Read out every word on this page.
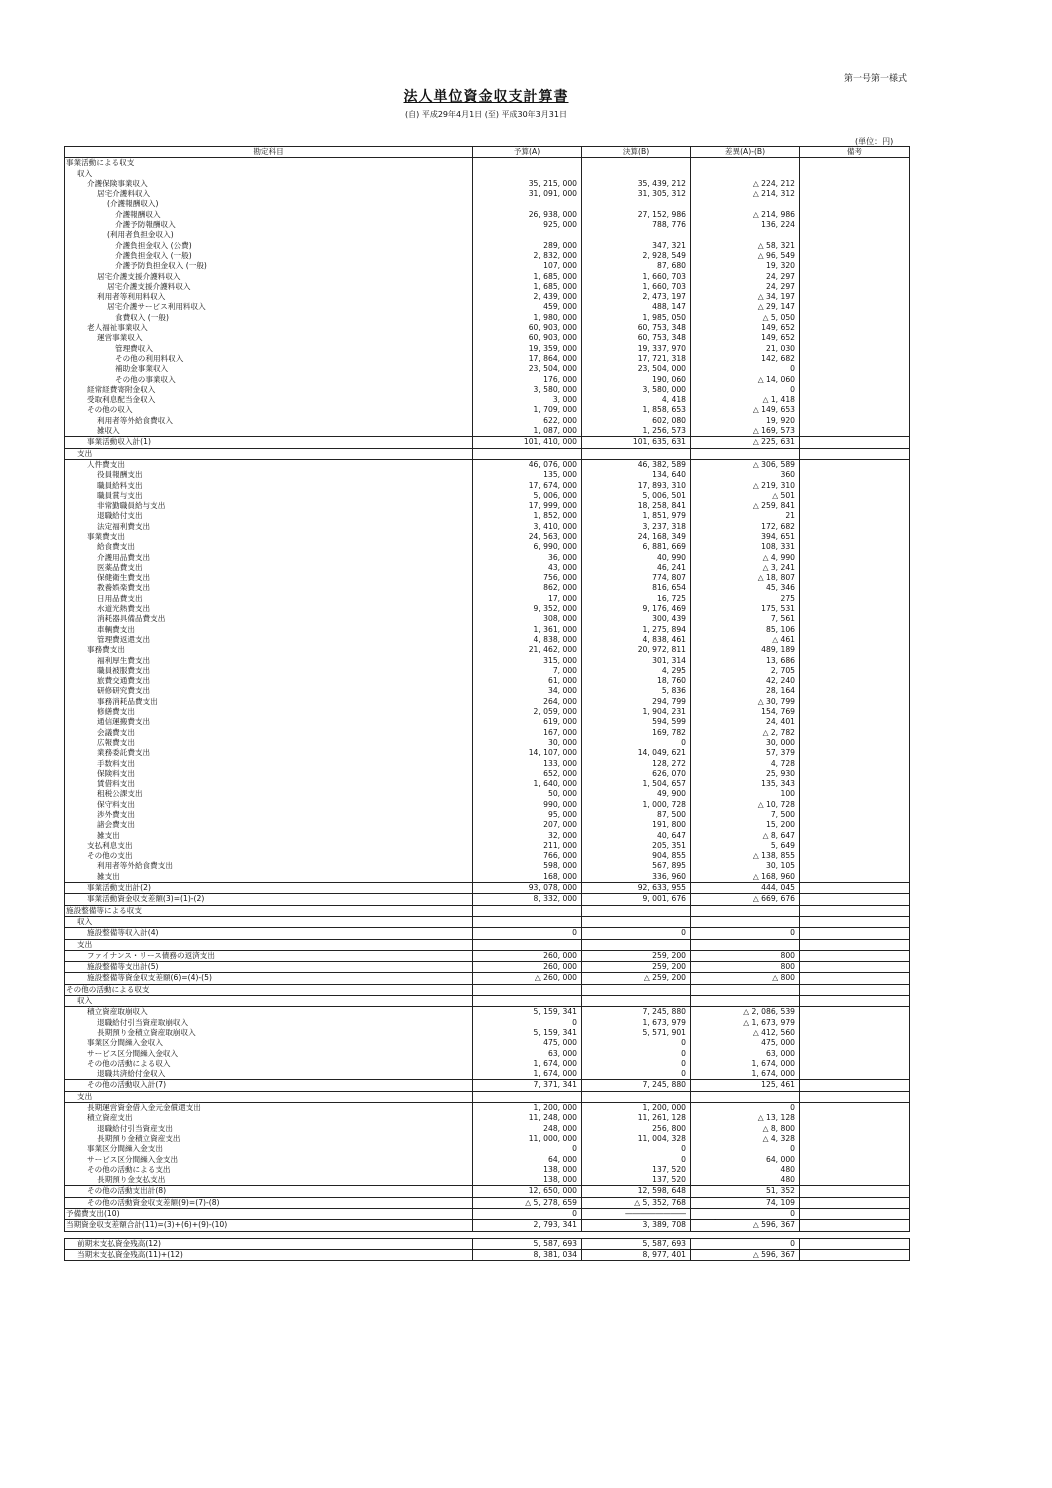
第一号第一様式
法人単位資金収支計算書
(自) 平成29年4月1日 (至) 平成30年3月31日
(単位：円)
勘定科目	予算(A)	決算(B)	差異(A)-(B)	備考
事業活動による収支				
収入				
介護保険事業収入	35, 215, 000	35, 439, 212	△ 224, 212	
居宅介護料収入	31, 091, 000	31, 305, 312	△ 214, 312	
(介護報酬収入)				
介護報酬収入	26, 938, 000	27, 152, 986	△ 214, 986	
介護予防報酬収入	925, 000	788, 776	136, 224	
(利用者負担金収入)				
介護負担金収入 (公費)	289, 000	347, 321	△ 58, 321	
介護負担金収入 (一般)	2, 832, 000	2, 928, 549	△ 96, 549	
介護予防負担金収入 (一般)	107, 000	87, 680	19, 320	
居宅介護支援介護料収入	1, 685, 000	1, 660, 703	24, 297	
居宅介護支援介護料収入	1, 685, 000	1, 660, 703	24, 297	
利用者等利用料収入	2, 439, 000	2, 473, 197	△ 34, 197	
居宅介護サービス利用料収入	459, 000	488, 147	△ 29, 147	
食費収入 (一般)	1, 980, 000	1, 985, 050	△ 5, 050	
老人福祉事業収入	60, 903, 000	60, 753, 348	149, 652	
運営事業収入	60, 903, 000	60, 753, 348	149, 652	
管理費収入	19, 359, 000	19, 337, 970	21, 030	
その他の利用料収入	17, 864, 000	17, 721, 318	142, 682	
補助金事業収入	23, 504, 000	23, 504, 000	0	
その他の事業収入	176, 000	190, 060	△ 14, 060	
経常経費寄附金収入	3, 580, 000	3, 580, 000	0	
受取利息配当金収入	3, 000	4, 418	△ 1, 418	
その他の収入	1, 709, 000	1, 858, 653	△ 149, 653	
利用者等外給食費収入	622, 000	602, 080	19, 920	
雑収入	1, 087, 000	1, 256, 573	△ 169, 573	
事業活動収入計(1)	101, 410, 000	101, 635, 631	△ 225, 631	
支出				
人件費支出	46, 076, 000	46, 382, 589	△ 306, 589	
役員報酬支出	135, 000	134, 640	360	
職員給料支出	17, 674, 000	17, 893, 310	△ 219, 310	
職員賞与支出	5, 006, 000	5, 006, 501	△ 501	
非常勤職員給与支出	17, 999, 000	18, 258, 841	△ 259, 841	
退職給付支出	1, 852, 000	1, 851, 979	21	
法定福利費支出	3, 410, 000	3, 237, 318	172, 682	
事業費支出	24, 563, 000	24, 168, 349	394, 651	
給食費支出	6, 990, 000	6, 881, 669	108, 331	
介護用品費支出	36, 000	40, 990	△ 4, 990	
医薬品費支出	43, 000	46, 241	△ 3, 241	
保健衛生費支出	756, 000	774, 807	△ 18, 807	
教養娯楽費支出	862, 000	816, 654	45, 346	
日用品費支出	17, 000	16, 725	275	
水道光熱費支出	9, 352, 000	9, 176, 469	175, 531	
消耗器具備品費支出	308, 000	300, 439	7, 561	
車輌費支出	1, 361, 000	1, 275, 894	85, 106	
管理費返還支出	4, 838, 000	4, 838, 461	△ 461	
事務費支出	21, 462, 000	20, 972, 811	489, 189	
福利厚生費支出	315, 000	301, 314	13, 686	
職員被服費支出	7, 000	4, 295	2, 705	
旅費交通費支出	61, 000	18, 760	42, 240	
研修研究費支出	34, 000	5, 836	28, 164	
事務消耗品費支出	264, 000	294, 799	△ 30, 799	
修繕費支出	2, 059, 000	1, 904, 231	154, 769	
通信運搬費支出	619, 000	594, 599	24, 401	
会議費支出	167, 000	169, 782	△ 2, 782	
広報費支出	30, 000	0	30, 000	
業務委託費支出	14, 107, 000	14, 049, 621	57, 379	
手数料支出	133, 000	128, 272	4, 728	
保険料支出	652, 000	626, 070	25, 930	
賃借料支出	1, 640, 000	1, 504, 657	135, 343	
租税公課支出	50, 000	49, 900	100	
保守料支出	990, 000	1, 000, 728	△ 10, 728	
渉外費支出	95, 000	87, 500	7, 500	
諸会費支出	207, 000	191, 800	15, 200	
雑支出	32, 000	40, 647	△ 8, 647	
支払利息支出	211, 000	205, 351	5, 649	
その他の支出	766, 000	904, 855	△ 138, 855	
利用者等外給食費支出	598, 000	567, 895	30, 105	
雑支出	168, 000	336, 960	△ 168, 960	
事業活動支出計(2)	93, 078, 000	92, 633, 955	444, 045	
事業活動資金収支差額(3)=(1)-(2)	8, 332, 000	9, 001, 676	△ 669, 676	
施設整備等による収支				
収入				
施設整備等収入計(4)	0	0	0	
支出				
ファイナンス・リース債務の返済支出	260, 000	259, 200	800	
施設整備等支出計(5)	260, 000	259, 200	800	
施設整備等資金収支差額(6)=(4)-(5)	△ 260, 000	△ 259, 200	△ 800	
その他の活動による収支				
収入				
積立資産取崩収入	5, 159, 341	7, 245, 880	△ 2, 086, 539	
退職給付引当資産取崩収入	0	1, 673, 979	△ 1, 673, 979	
長期預り金積立資産取崩収入	5, 159, 341	5, 571, 901	△ 412, 560	
事業区分間繰入金収入	475, 000	0	475, 000	
サービス区分間繰入金収入	63, 000	0	63, 000	
その他の活動による収入	1, 674, 000	0	1, 674, 000	
退職共済給付金収入	1, 674, 000	0	1, 674, 000	
その他の活動収入計(7)	7, 371, 341	7, 245, 880	125, 461	
支出				
長期運営資金借入金元金償還支出	1, 200, 000	1, 200, 000	0	
積立資産支出	11, 248, 000	11, 261, 128	△ 13, 128	
退職給付引当資産支出	248, 000	256, 800	△ 8, 800	
長期預り金積立資産支出	11, 000, 000	11, 004, 328	△ 4, 328	
事業区分間繰入金支出	0	0	0	
サービス区分間繰入金支出	64, 000	0	64, 000	
その他の活動による支出	138, 000	137, 520	480	
長期預り金支払支出	138, 000	137, 520	480	
その他の活動支出計(8)	12, 650, 000	12, 598, 648	51, 352	
その他の活動資金収支差額(9)=(7)-(8)	△ 5, 278, 659	△ 5, 352, 768	74, 109	
予備費支出(10)	0	――――――――	0	
当期資金収支差額合計(11)=(3)+(6)+(9)-(10)	2, 793, 341	3, 389, 708	△ 596, 367	

前期末支払資金残高(12)	5, 587, 693	5, 587, 693	0	
当期末支払資金残高(11)+(12)	8, 381, 034	8, 977, 401	△ 596, 367	
·
